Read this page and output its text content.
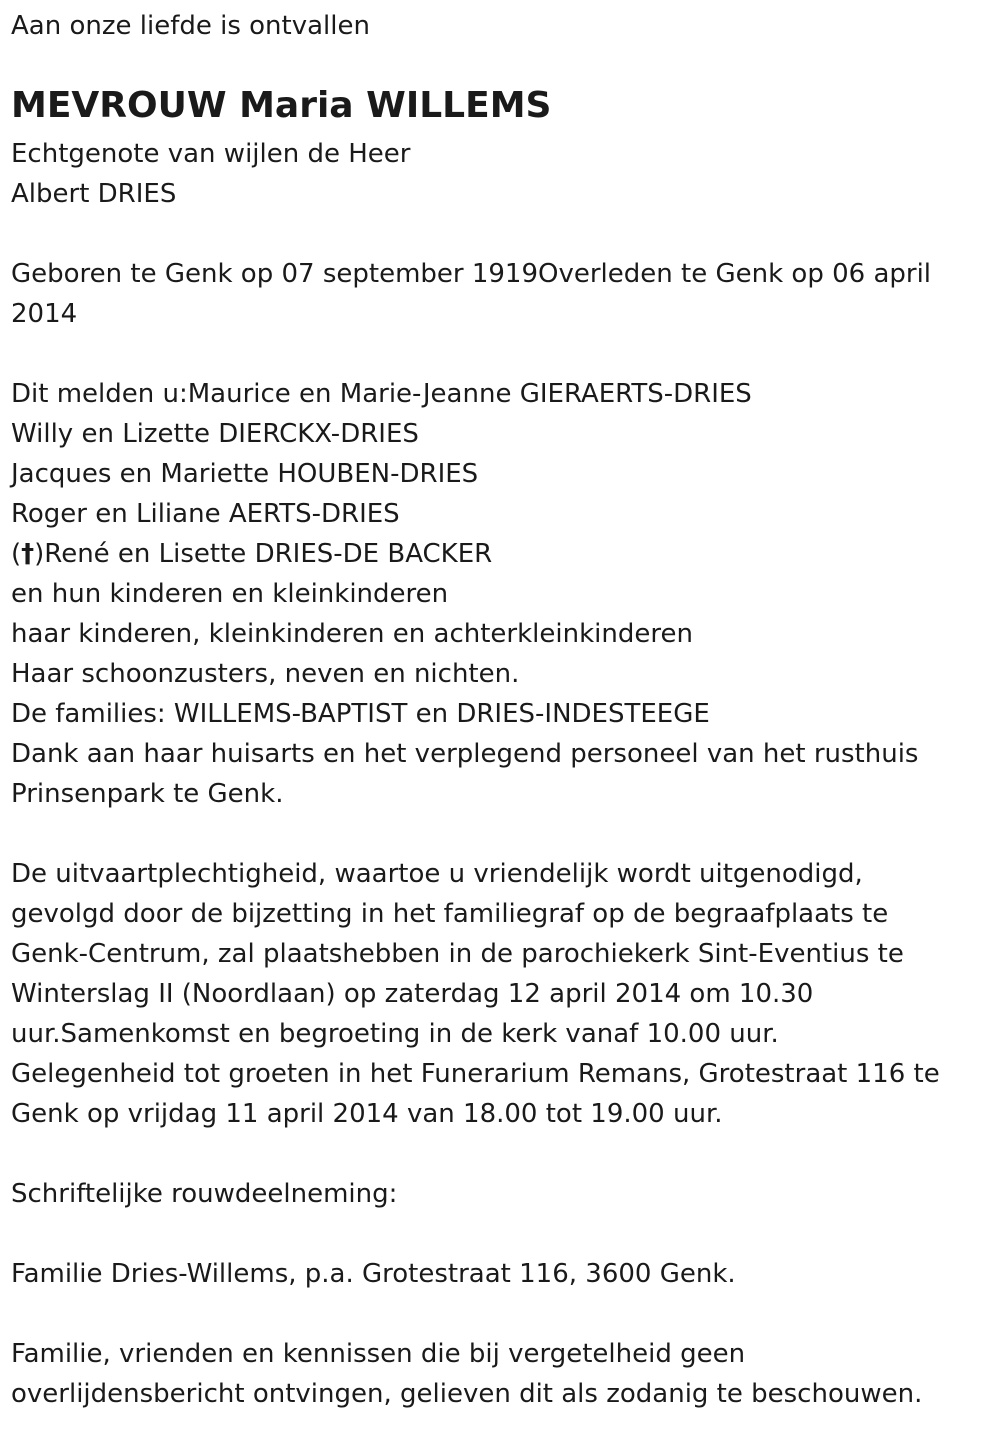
Aan onze liefde is ontvallen
MEVROUW Maria WILLEMS
Echtgenote van wijlen de Heer
Albert DRIES
Geboren te Genk op 07 september 1919Overleden te Genk op 06 april
2014
Dit melden u:Maurice en Marie-Jeanne GIERAERTS-DRIES
Willy en Lizette DIERCKX-DRIES
Jacques en Mariette HOUBEN-DRIES
Roger en Liliane AERTS-DRIES
(†)René en Lisette DRIES-DE BACKER
en hun kinderen en kleinkinderen
haar kinderen, kleinkinderen en achterkleinkinderen
Haar schoonzusters, neven en nichten.
De families: WILLEMS-BAPTIST en DRIES-INDESTEEGE
Dank aan haar huisarts en het verplegend personeel van het rusthuis
Prinsenpark te Genk.
De uitvaartplechtigheid, waartoe u vriendelijk wordt uitgenodigd,
gevolgd door de bijzetting in het familiegraf op de begraafplaats te
Genk-Centrum, zal plaatshebben in de parochiekerk Sint-Eventius te
Winterslag II (Noordlaan) op zaterdag 12 april 2014 om 10.30
uur.Samenkomst en begroeting in de kerk vanaf 10.00 uur.
Gelegenheid tot groeten in het Funerarium Remans, Grotestraat 116 te
Genk op vrijdag 11 april 2014 van 18.00 tot 19.00 uur.
Schriftelijke rouwdeelneming:
Familie Dries-Willems, p.a. Grotestraat 116, 3600 Genk.
Familie, vrienden en kennissen die bij vergetelheid geen
overlijdensbericht ontvingen, gelieven dit als zodanig te beschouwen.
